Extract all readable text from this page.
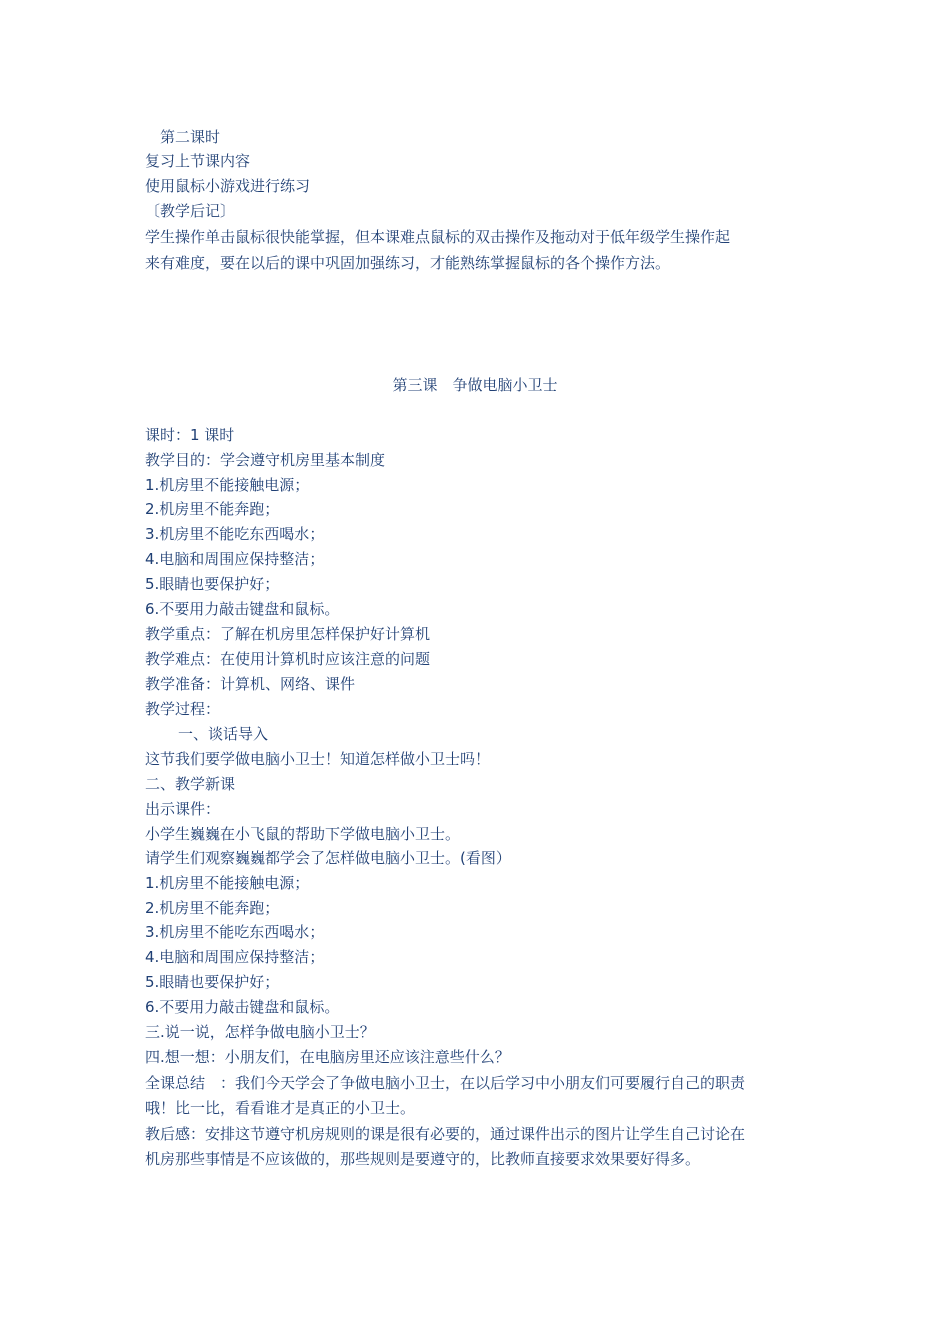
　第二课时
复习上节课内容
使用鼠标小游戏进行练习
〔教学后记〕
学生操作单击鼠标很快能掌握，但本课难点鼠标的双击操作及拖动对于低年级学生操作起
来有难度，要在以后的课中巩固加强练习，才能熟练掌握鼠标的各个操作方法。
第三课　争做电脑小卫士
课时：1 课时
教学目的：学会遵守机房里基本制度
1.机房里不能接触电源；
2.机房里不能奔跑；
3.机房里不能吃东西喝水；
4.电脑和周围应保持整洁；
5.眼睛也要保护好；
6.不要用力敲击键盘和鼠标。
教学重点：了解在机房里怎样保护好计算机
教学难点：在使用计算机时应该注意的问题
教学准备：计算机、网络、课件
教学过程：
一、谈话导入
这节我们要学做电脑小卫士！知道怎样做小卫士吗！
二、教学新课
出示课件：
小学生巍巍在小飞鼠的帮助下学做电脑小卫士。
请学生们观察巍巍都学会了怎样做电脑小卫士。(看图）
1.机房里不能接触电源；
2.机房里不能奔跑；
3.机房里不能吃东西喝水；
4.电脑和周围应保持整洁；
5.眼睛也要保护好；
6.不要用力敲击键盘和鼠标。
三.说一说，怎样争做电脑小卫士？
四.想一想：小朋友们，在电脑房里还应该注意些什么？
全课总结　：我们今天学会了争做电脑小卫士，在以后学习中小朋友们可要履行自己的职责
哦！比一比，看看谁才是真正的小卫士。
教后感：安排这节遵守机房规则的课是很有必要的，通过课件出示的图片让学生自己讨论在
机房那些事情是不应该做的，那些规则是要遵守的，比教师直接要求效果要好得多。
